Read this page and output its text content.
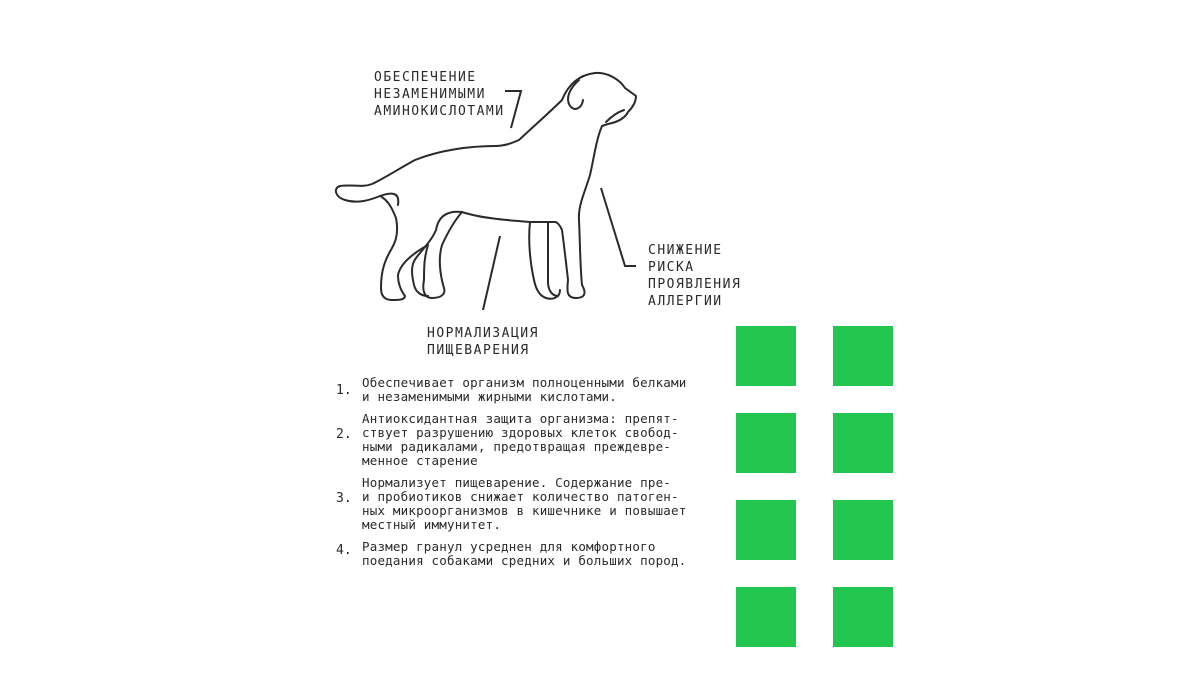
ОБЕСПЕЧЕНИЕ
НЕЗАМЕНИМЫМИ
АМИНОКИСЛОТАМИ
СНИЖЕНИЕ
РИСКА
ПРОЯВЛЕНИЯ
АЛЛЕРГИИ
НОРМАЛИЗАЦИЯ
ПИЩЕВАРЕНИЯ
1.
Обеспечивает организм полноценными белками
и незаменимыми жирными кислотами.
2.
Антиоксидантная защита организма: препят-
ствует разрушению здоровых клеток свобод-
ными радикалами, предотвращая преждевре-
менное старение
3.
Нормализует пищеварение. Содержание пре-
и пробиотиков снижает количество патоген-
ных микроорганизмов в кишечнике и повышает
местный иммунитет.
4. Размер гранул усреднен для комфортного
поедания собаками средних и больших пород.
